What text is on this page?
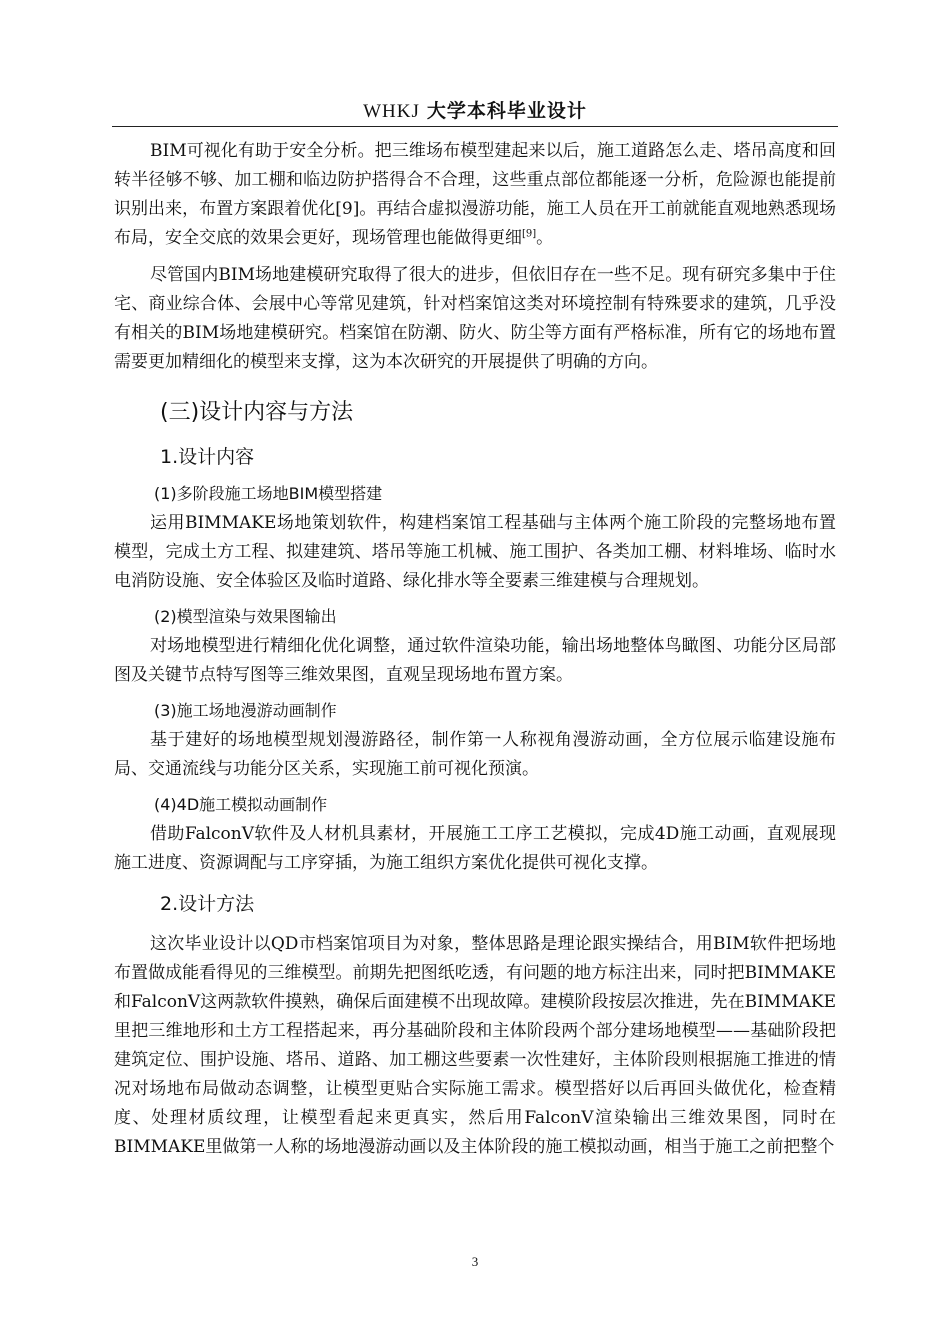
WHKJ 大学本科毕业设计

BIM可视化有助于安全分析。把三维场布模型建起来以后，施工道路怎么走、塔吊高度和回转半径够不够、加工棚和临边防护搭得合不合理，这些重点部位都能逐一分析，危险源也能提前识别出来，布置方案跟着优化[9]。再结合虚拟漫游功能，施工人员在开工前就能直观地熟悉现场布局，安全交底的效果会更好，现场管理也能做得更细[9]。

尽管国内BIM场地建模研究取得了很大的进步，但依旧存在一些不足。现有研究多集中于住宅、商业综合体、会展中心等常见建筑，针对档案馆这类对环境控制有特殊要求的建筑，几乎没有相关的BIM场地建模研究。档案馆在防潮、防火、防尘等方面有严格标准，所有它的场地布置需要更加精细化的模型来支撑，这为本次研究的开展提供了明确的方向。

(三)设计内容与方法
1.设计内容
(1)多阶段施工场地BIM模型搭建

运用BIMMAKE场地策划软件，构建档案馆工程基础与主体两个施工阶段的完整场地布置模型，完成土方工程、拟建建筑、塔吊等施工机械、施工围护、各类加工棚、材料堆场、临时水电消防设施、安全体验区及临时道路、绿化排水等全要素三维建模与合理规划。

(2)模型渲染与效果图输出

对场地模型进行精细化优化调整，通过软件渲染功能，输出场地整体鸟瞰图、功能分区局部图及关键节点特写图等三维效果图，直观呈现场地布置方案。

(3)施工场地漫游动画制作

基于建好的场地模型规划漫游路径，制作第一人称视角漫游动画，全方位展示临建设施布局、交通流线与功能分区关系，实现施工前可视化预演。

(4)4D施工模拟动画制作

借助FalconV软件及人材机具素材，开展施工工序工艺模拟，完成4D施工动画，直观展现施工进度、资源调配与工序穿插，为施工组织方案优化提供可视化支撑。

2.设计方法

这次毕业设计以QD市档案馆项目为对象，整体思路是理论跟实操结合，用BIM软件把场地布置做成能看得见的三维模型。前期先把图纸吃透，有问题的地方标注出来，同时把BIMMAKE和FalconV这两款软件摸熟，确保后面建模不出现故障。建模阶段按层次推进，先在BIMMAKE里把三维地形和土方工程搭起来，再分基础阶段和主体阶段两个部分建场地模型——基础阶段把建筑定位、围护设施、塔吊、道路、加工棚这些要素一次性建好，主体阶段则根据施工推进的情况对场地布局做动态调整，让模型更贴合实际施工需求。模型搭好以后再回头做优化，检查精度、处理材质纹理，让模型看起来更真实，然后用FalconV渲染输出三维效果图，同时在BIMMAKE里做第一人称的场地漫游动画以及主体阶段的施工模拟动画，相当于施工之前把整个

3
